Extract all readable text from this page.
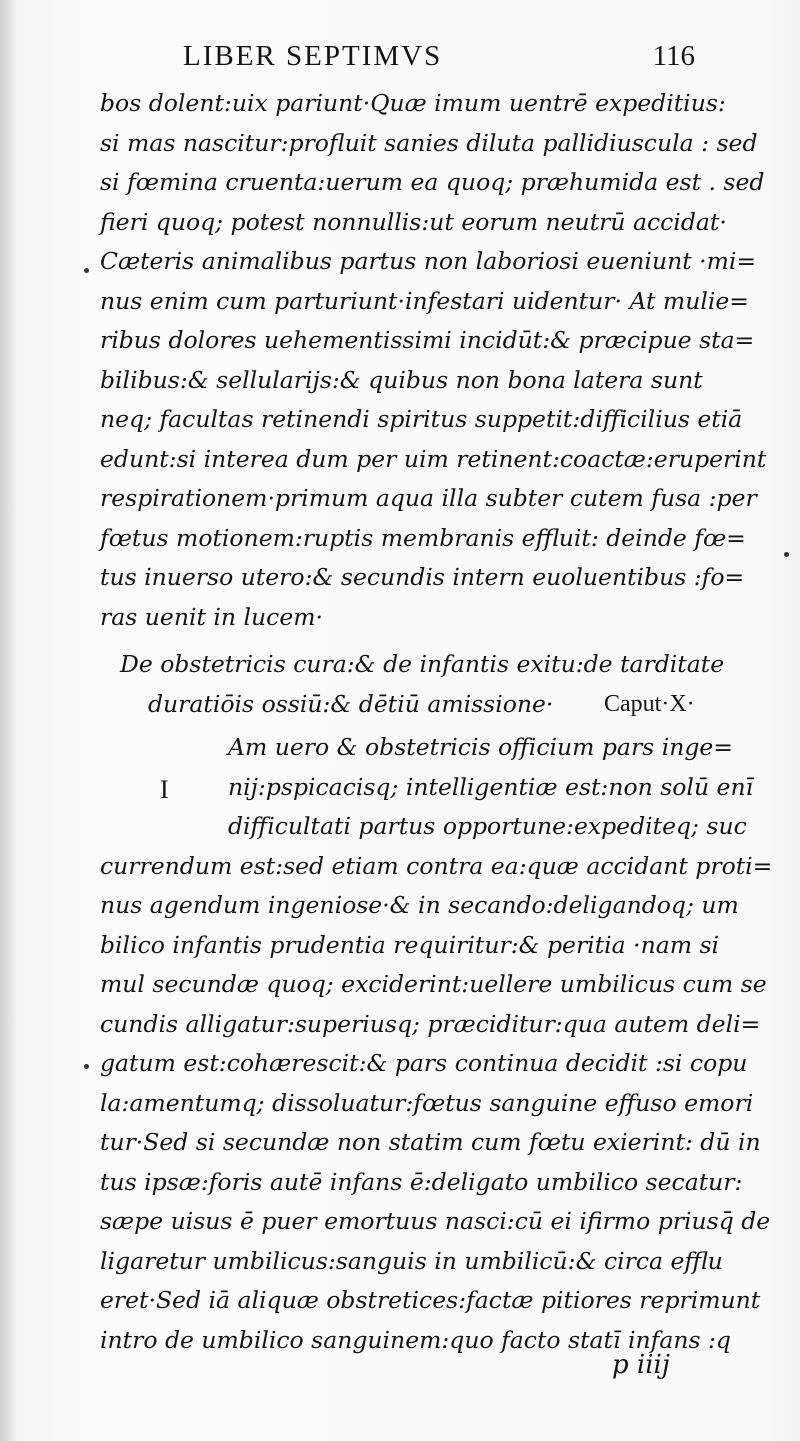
LIBER SEPTIMVS	116
bos dolent:uix pariunt·Quæ imum uentrē expeditius:
si mas nascitur:profluit sanies diluta pallidiuscula : sed
si fœmina cruenta:uerum ea quoq; præhumida est . sed
fieri quoq; potest nonnullis:ut eorum neutrū accidat·
Cæteris animalibus partus non laboriosi eueniunt ·mi=
nus enim cum parturiunt·infestari uidentur· At mulie=
ribus dolores uehementissimi incidūt:& præcipue sta=
bilibus:& sellularijs:& quibus non bona latera sunt
neq; facultas retinendi spiritus suppetit:difficilius etiā
edunt:si interea dum per uim retinent:coactæ:eruperint
respirationem·primum aqua illa subter cutem fusa :per
fœtus motionem:ruptis membranis effluit: deinde fœ=
tus inuerso utero:& secundis intern euoluentibus :fo=
ras uenit in lucem·
De obstetricis cura:& de infantis exitu:de tarditate
duratiōis ossiū:& dētiū amissione· Caput·X·
I
Am uero & obstetricis officium pars inge=
nij:pspicacisq; intelligentiæ est:non solū enī
difficultati partus opportune:expediteq; suc
currendum est:sed etiam contra ea:quæ accidant proti=
nus agendum ingeniose·& in secando:deligandoq; um
bilico infantis prudentia requiritur:& peritia ·nam si
mul secundæ quoq; exciderint:uellere umbilicus cum se
cundis alligatur:superiusq; præciditur:qua autem deli=
gatum est:cohærescit:& pars continua decidit :si copu
la:amentumq; dissoluatur:fœtus sanguine effuso emori
tur·Sed si secundæ non statim cum fœtu exierint: dū in
tus ipsæ:foris autē infans ē:deligato umbilico secatur:
sæpe uisus ē puer emortuus nasci:cū ei ifirmo priusq̄ de
ligaretur umbilicus:sanguis in umbilicū:& circa efflu
eret·Sed iā aliquæ obstretices:factæ pitiores reprimunt
intro de umbilico sanguinem:quo facto statī infans :q
p iiij
